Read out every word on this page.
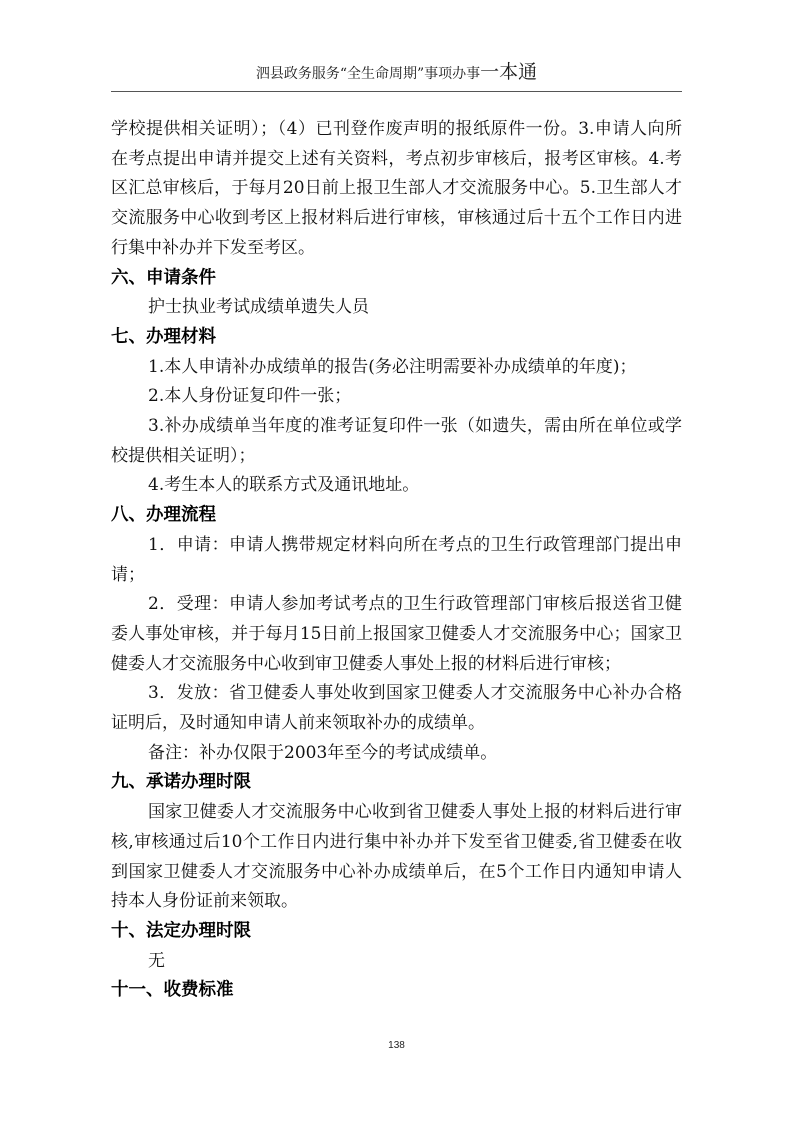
泗县政务服务“全生命周期”事项办事一本通

学校提供相关证明）；（4）已刊登作废声明的报纸原件一份。3.申请人向所在考点提出申请并提交上述有关资料，考点初步审核后，报考区审核。4.考区汇总审核后，于每月20日前上报卫生部人才交流服务中心。5.卫生部人才交流服务中心收到考区上报材料后进行审核，审核通过后十五个工作日内进行集中补办并下发至考区。

六、申请条件

护士执业考试成绩单遗失人员

七、办理材料

1.本人申请补办成绩单的报告(务必注明需要补办成绩单的年度)；

2.本人身份证复印件一张；

3.补办成绩单当年度的准考证复印件一张（如遗失，需由所在单位或学校提供相关证明）；

4.考生本人的联系方式及通讯地址。

八、办理流程

1．申请：申请人携带规定材料向所在考点的卫生行政管理部门提出申请；

2．受理：申请人参加考试考点的卫生行政管理部门审核后报送省卫健委人事处审核，并于每月15日前上报国家卫健委人才交流服务中心；国家卫健委人才交流服务中心收到审卫健委人事处上报的材料后进行审核；

3．发放：省卫健委人事处收到国家卫健委人才交流服务中心补办合格证明后，及时通知申请人前来领取补办的成绩单。

备注：补办仅限于2003年至今的考试成绩单。

九、承诺办理时限

国家卫健委人才交流服务中心收到省卫健委人事处上报的材料后进行审核,审核通过后10个工作日内进行集中补办并下发至省卫健委,省卫健委在收到国家卫健委人才交流服务中心补办成绩单后，在5个工作日内通知申请人持本人身份证前来领取。

十、法定办理时限

无

十一、收费标准
138
